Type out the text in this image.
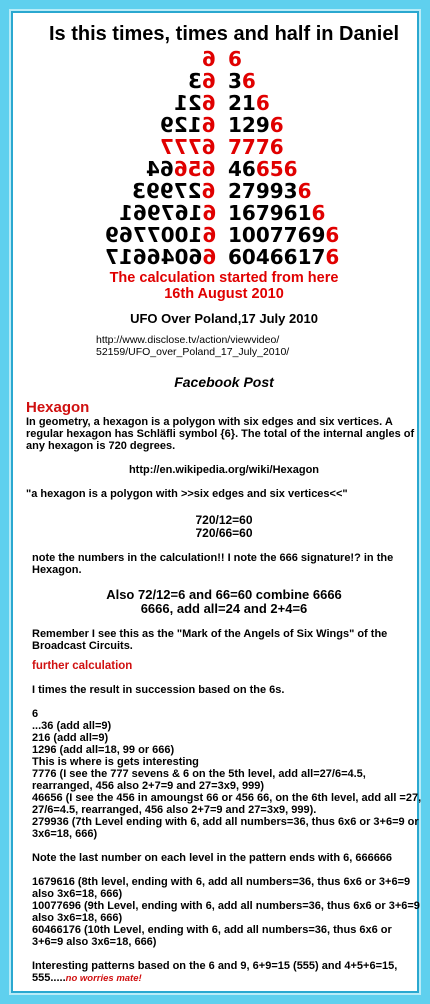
Is this times, times and half in Daniel
6 6
63	36
621	216
6129	1296
6777 7776
65664	46656
627993	279936
6167961	1679616
61007769	10077696
66046617	60466176
The calculation started from here
16th August 2010
UFO Over Poland,17 July 2010
http://www.disclose.tv/action/viewvideo/
52159/UFO_over_Poland_17_July_2010/
Facebook Post
Hexagon
In geometry, a hexagon is a polygon with six edges and six vertices. A regular hexagon has Schläfli symbol {6}. The total of the internal angles of any hexagon is 720 degrees.
http://en.wikipedia.org/wiki/Hexagon
"a hexagon is a polygon with >>six edges and six vertices<<"
720/12=60
720/66=60
note the numbers in the calculation!! I note the 666 signature!? in the Hexagon.
Also 72/12=6 and 66=60 combine 6666
6666, add all=24 and 2+4=6
Remember I see this as the "Mark of the Angels of Six Wings" of the Broadcast Circuits.
further calculation
I times the result in succession based on the 6s.
6
...36 (add all=9)
216 (add all=9)
1296 (add all=18, 99 or 666)
This is where is gets interesting
7776 (I see the 777 sevens & 6 on the 5th level, add all=27/6=4.5, rearranged, 456 also 2+7=9 and 27=3x9, 999)
46656 (I see the 456 in amoungst 66 or 456 66, on the 6th level, add all =27, 27/6=4.5, rearranged, 456 also 2+7=9 and 27=3x9, 999).
279936 (7th Level ending with 6, add all numbers=36, thus 6x6 or 3+6=9 or 3x6=18, 666)
Note the last number on each level in the pattern ends with 6, 666666
1679616 (8th level, ending with 6, add all numbers=36, thus 6x6 or 3+6=9 also 3x6=18, 666)
10077696 (9th Level, ending with 6, add all numbers=36, thus 6x6 or 3+6=9 also 3x6=18, 666)
60466176 (10th Level, ending with 6, add all numbers=36, thus 6x6 or 3+6=9 also 3x6=18, 666)
Interesting patterns based on the 6 and 9, 6+9=15 (555) and 4+5+6=15, 555.....no worries mate!
